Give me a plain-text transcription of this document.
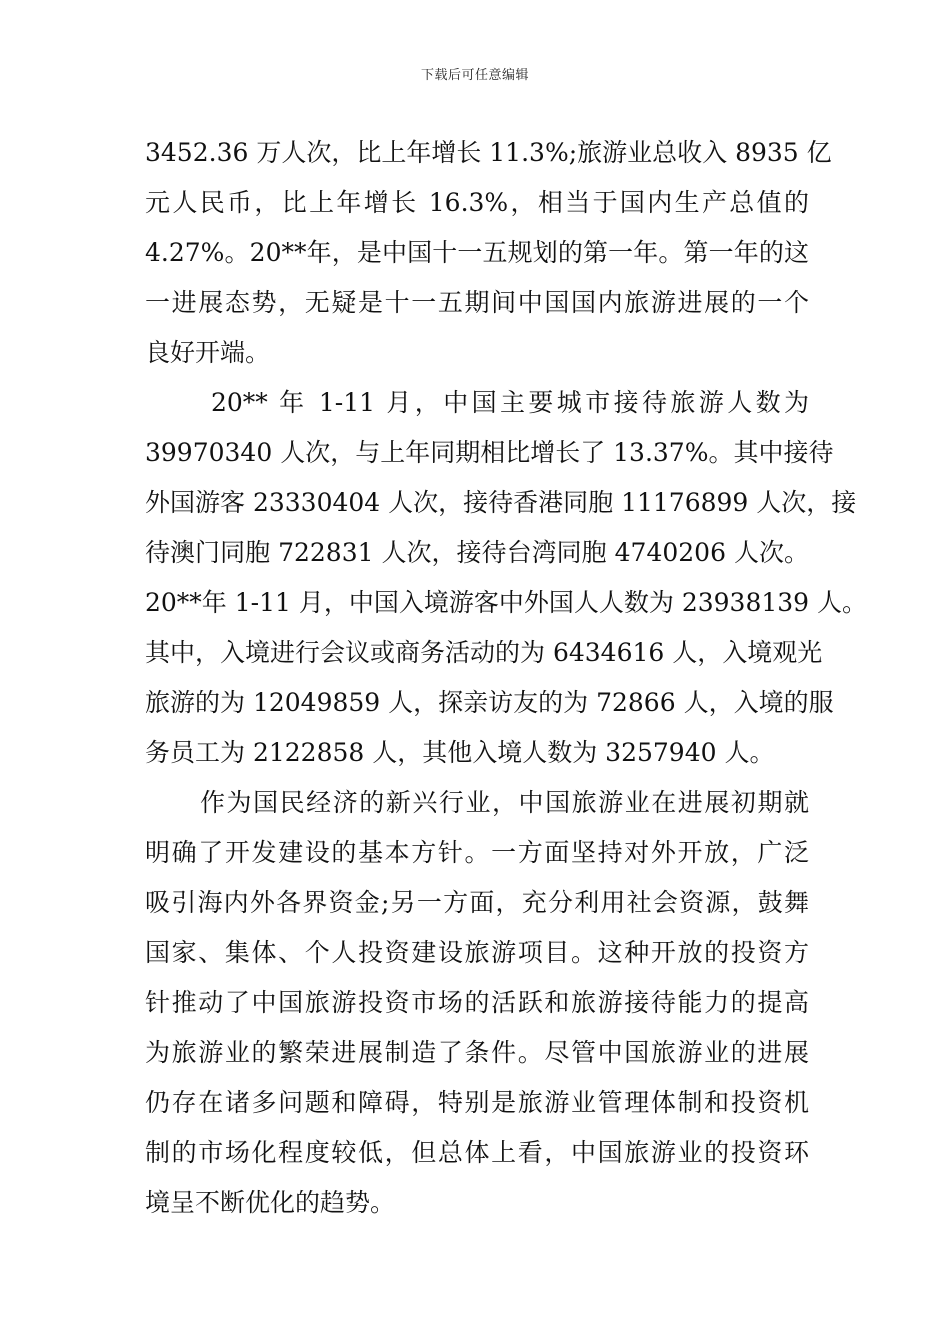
下载后可任意编辑
3452.36 万人次，比上年增长 11.3%;旅游业总收入 8935 亿
元人民币，比上年增长 16.3%，相当于国内生产总值的
4.27%。20**年，是中国十一五规划的第一年。第一年的这
一进展态势，无疑是十一五期间中国国内旅游进展的一个
良好开端。
20** 年 1-11 月，中国主要城市接待旅游人数为
39970340 人次，与上年同期相比增长了 13.37%。其中接待
外国游客 23330404 人次，接待香港同胞 11176899 人次，接
待澳门同胞 722831 人次，接待台湾同胞 4740206 人次。
20**年 1-11 月，中国入境游客中外国人人数为 23938139 人。
其中，入境进行会议或商务活动的为 6434616 人，入境观光
旅游的为 12049859 人，探亲访友的为 72866 人，入境的服
务员工为 2122858 人，其他入境人数为 3257940 人。
作为国民经济的新兴行业，中国旅游业在进展初期就
明确了开发建设的基本方针。一方面坚持对外开放，广泛
吸引海内外各界资金;另一方面，充分利用社会资源，鼓舞
国家、集体、个人投资建设旅游项目。这种开放的投资方
针推动了中国旅游投资市场的活跃和旅游接待能力的提高
为旅游业的繁荣进展制造了条件。尽管中国旅游业的进展
仍存在诸多问题和障碍，特别是旅游业管理体制和投资机
制的市场化程度较低，但总体上看，中国旅游业的投资环
境呈不断优化的趋势。
